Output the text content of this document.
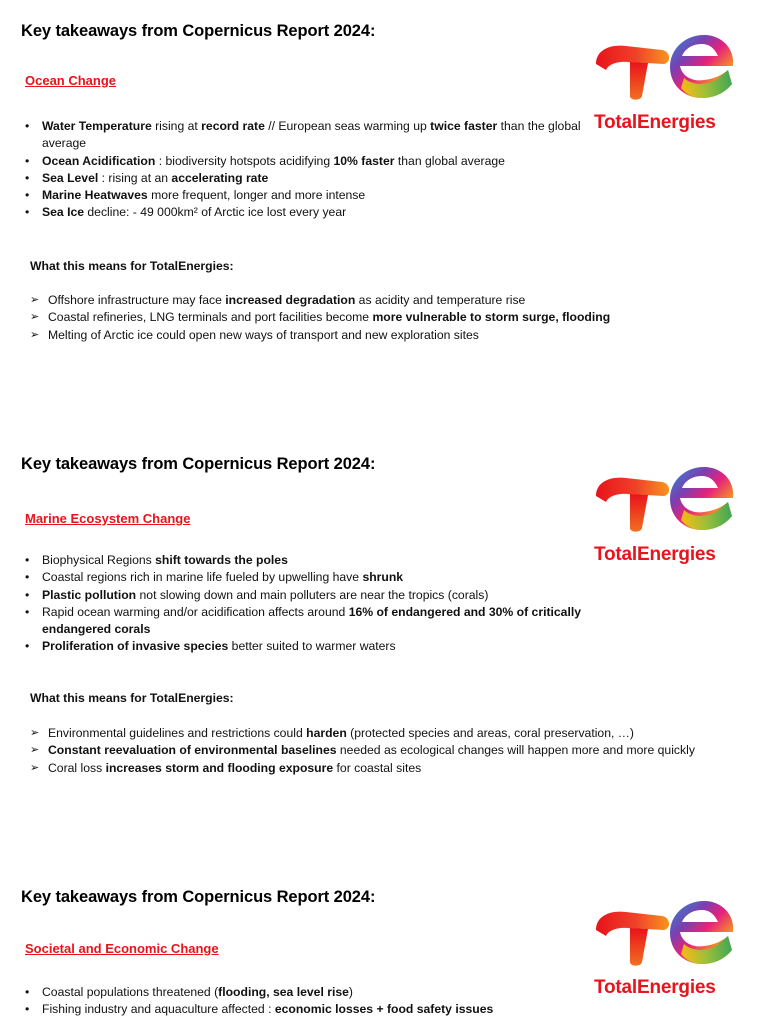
Key takeaways from Copernicus Report 2024:
Ocean Change
TotalEnergies
• Water Temperature rising at record rate // European seas warming up twice faster than the global average
• Ocean Acidification : biodiversity hotspots acidifying 10% faster than global average
• Sea Level : rising at an accelerating rate
• Marine Heatwaves more frequent, longer and more intense
• Sea Ice decline: - 49 000km² of Arctic ice lost every year
What this means for TotalEnergies:
➢ Offshore infrastructure may face increased degradation as acidity and temperature rise
➢ Coastal refineries, LNG terminals and port facilities become more vulnerable to storm surge, flooding
➢ Melting of Arctic ice could open new ways of transport and new exploration sites
Key takeaways from Copernicus Report 2024:
Marine Ecosystem Change
TotalEnergies
• Biophysical Regions shift towards the poles
• Coastal regions rich in marine life fueled by upwelling have shrunk
• Plastic pollution not slowing down and main polluters are near the tropics (corals)
• Rapid ocean warming and/or acidification affects around 16% of endangered and 30% of critically endangered corals
• Proliferation of invasive species better suited to warmer waters
What this means for TotalEnergies:
➢ Environmental guidelines and restrictions could harden (protected species and areas, coral preservation, …)
➢ Constant reevaluation of environmental baselines needed as ecological changes will happen more and more quickly
➢ Coral loss increases storm and flooding exposure for coastal sites
Key takeaways from Copernicus Report 2024:
Societal and Economic Change
TotalEnergies
• Coastal populations threatened (flooding, sea level rise)
• Fishing industry and aquaculture affected : economic losses + food safety issues
